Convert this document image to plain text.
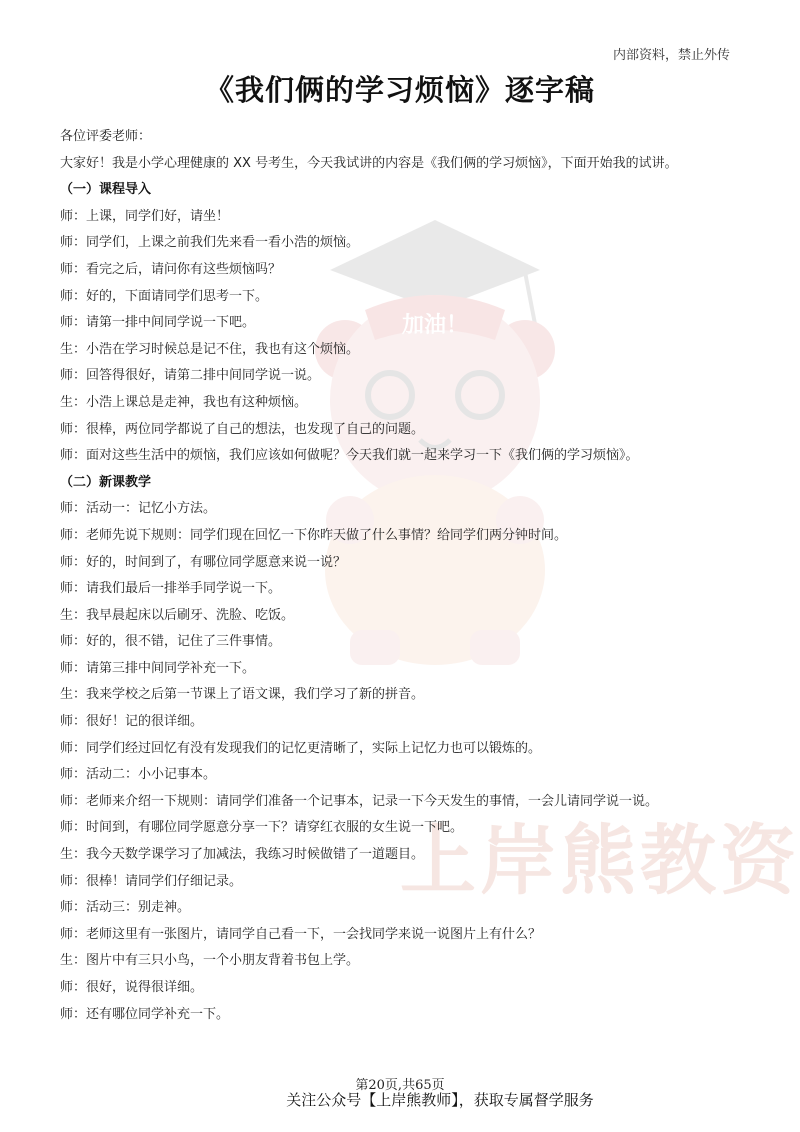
内部资料，禁止外传
加油！
上岸熊教资
《我们俩的学习烦恼》逐字稿
各位评委老师：
大家好！我是小学心理健康的 XX 号考生，今天我试讲的内容是《我们俩的学习烦恼》，下面开始我的试讲。
（一）课程导入
师：上课，同学们好，请坐！
师：同学们，上课之前我们先来看一看小浩的烦恼。
师：看完之后，请问你有这些烦恼吗？
师：好的，下面请同学们思考一下。
师：请第一排中间同学说一下吧。
生：小浩在学习时候总是记不住，我也有这个烦恼。
师：回答得很好，请第二排中间同学说一说。
生：小浩上课总是走神，我也有这种烦恼。
师：很棒，两位同学都说了自己的想法，也发现了自己的问题。
师：面对这些生活中的烦恼，我们应该如何做呢？今天我们就一起来学习一下《我们俩的学习烦恼》。
（二）新课教学
师：活动一：记忆小方法。
师：老师先说下规则：同学们现在回忆一下你昨天做了什么事情？给同学们两分钟时间。
师：好的，时间到了，有哪位同学愿意来说一说？
师：请我们最后一排举手同学说一下。
生：我早晨起床以后刷牙、洗脸、吃饭。
师：好的，很不错，记住了三件事情。
师：请第三排中间同学补充一下。
生：我来学校之后第一节课上了语文课，我们学习了新的拼音。
师：很好！记的很详细。
师：同学们经过回忆有没有发现我们的记忆更清晰了，实际上记忆力也可以锻炼的。
师：活动二：小小记事本。
师：老师来介绍一下规则：请同学们准备一个记事本，记录一下今天发生的事情，一会儿请同学说一说。
师：时间到，有哪位同学愿意分享一下？请穿红衣服的女生说一下吧。
生：我今天数学课学习了加减法，我练习时候做错了一道题目。
师：很棒！请同学们仔细记录。
师：活动三：别走神。
师：老师这里有一张图片，请同学自己看一下，一会找同学来说一说图片上有什么？
生：图片中有三只小鸟，一个小朋友背着书包上学。
师：很好，说得很详细。
师：还有哪位同学补充一下。
第20页,共65页
关注公众号【上岸熊教师】，获取专属督学服务
